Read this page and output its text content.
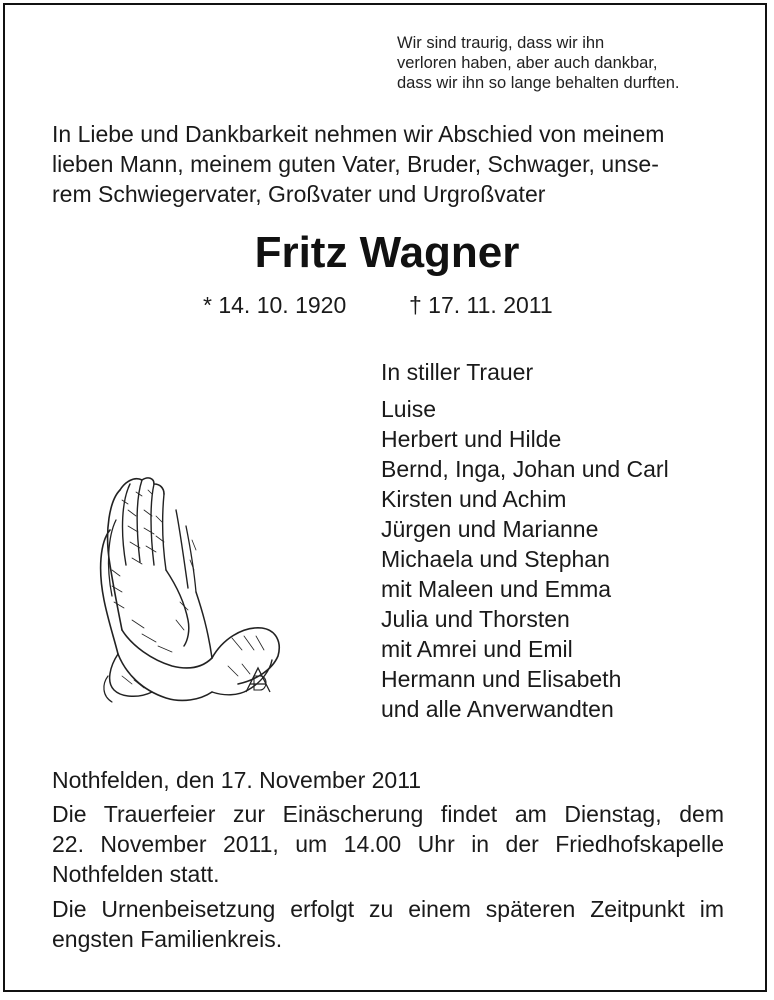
Wir sind traurig, dass wir ihn
verloren haben, aber auch dankbar,
dass wir ihn so lange behalten durften.
In Liebe und Dankbarkeit nehmen wir Abschied von meinem
lieben Mann, meinem guten Vater, Bruder, Schwager, unse-
rem Schwiegervater, Großvater und Urgroßvater
Fritz Wagner
* 14. 10. 1920	† 17. 11. 2011
In stiller Trauer
Luise
Herbert und Hilde
Bernd, Inga, Johan und Carl
Kirsten und Achim
Jürgen und Marianne
Michaela und Stephan
mit Maleen und Emma
Julia und Thorsten
mit Amrei und Emil
Hermann und Elisabeth
und alle Anverwandten
Nothfelden, den 17. November 2011
Die Trauerfeier zur Einäscherung findet am Dienstag, dem
22. November 2011, um 14.00 Uhr in der Friedhofskapelle
Nothfelden statt.
Die Urnenbeisetzung erfolgt zu einem späteren Zeitpunkt im
engsten Familienkreis.
